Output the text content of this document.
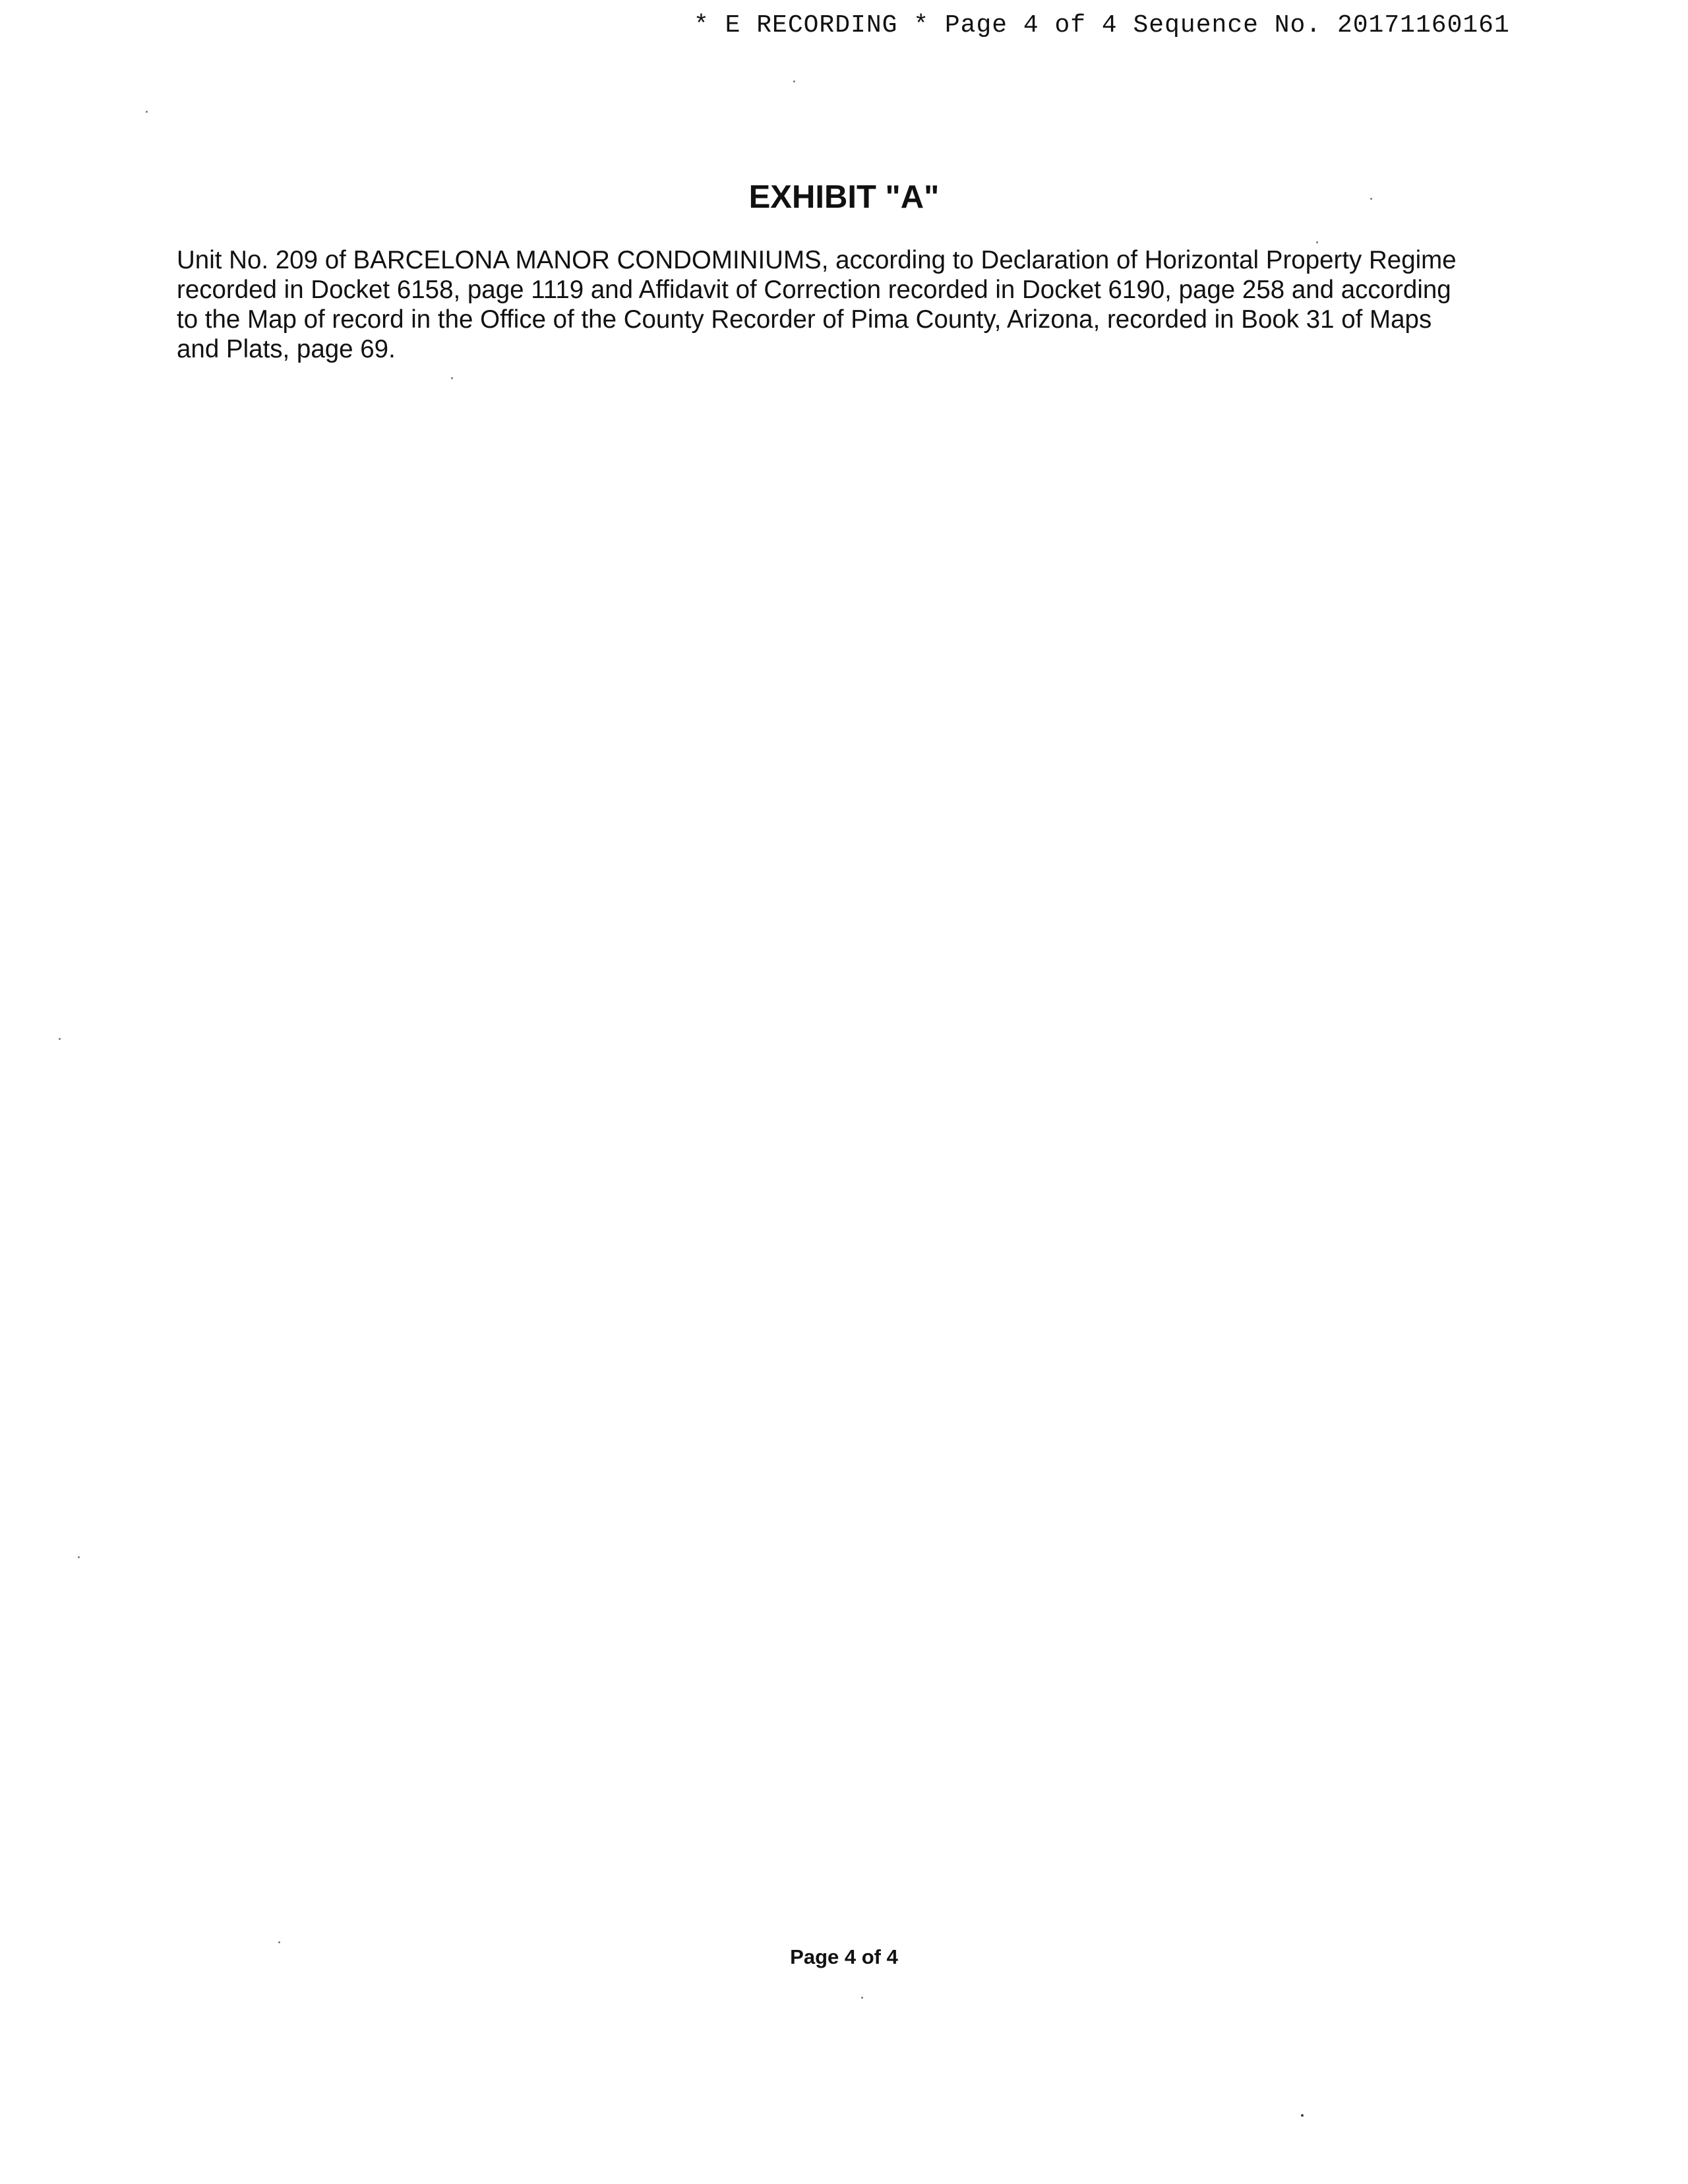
* E RECORDING * Page 4 of 4 Sequence No. 20171160161
EXHIBIT "A"
Unit No. 209 of BARCELONA MANOR CONDOMINIUMS, according to Declaration of Horizontal Property Regime
recorded in Docket 6158, page 1119 and Affidavit of Correction recorded in Docket 6190, page 258 and according
to the Map of record in the Office of the County Recorder of Pima County, Arizona, recorded in Book 31 of Maps
and Plats, page 69.
Page 4 of 4
